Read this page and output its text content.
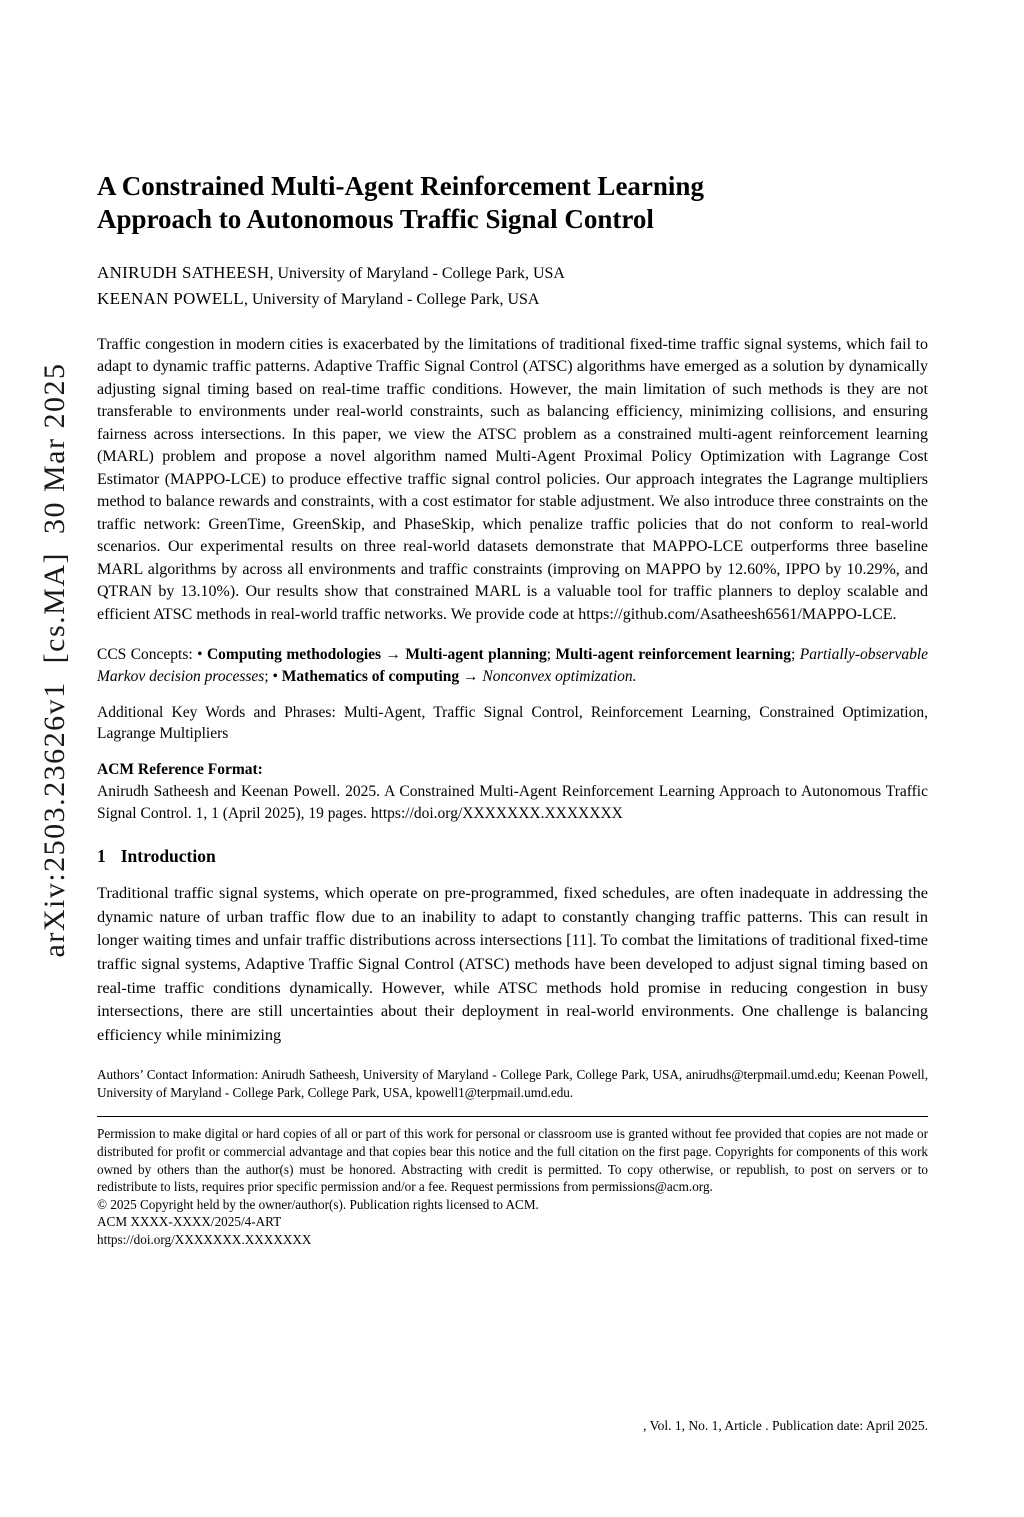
arXiv:2503.23626v1  [cs.MA]  30 Mar 2025
A Constrained Multi-Agent Reinforcement Learning Approach to Autonomous Traffic Signal Control
ANIRUDH SATHEESH, University of Maryland - College Park, USA
KEENAN POWELL, University of Maryland - College Park, USA

Traffic congestion in modern cities is exacerbated by the limitations of traditional fixed-time traffic signal systems, which fail to adapt to dynamic traffic patterns. Adaptive Traffic Signal Control (ATSC) algorithms have emerged as a solution by dynamically adjusting signal timing based on real-time traffic conditions. However, the main limitation of such methods is they are not transferable to environments under real-world constraints, such as balancing efficiency, minimizing collisions, and ensuring fairness across intersections. In this paper, we view the ATSC problem as a constrained multi-agent reinforcement learning (MARL) problem and propose a novel algorithm named Multi-Agent Proximal Policy Optimization with Lagrange Cost Estimator (MAPPO-LCE) to produce effective traffic signal control policies. Our approach integrates the Lagrange multipliers method to balance rewards and constraints, with a cost estimator for stable adjustment. We also introduce three constraints on the traffic network: GreenTime, GreenSkip, and PhaseSkip, which penalize traffic policies that do not conform to real-world scenarios. Our experimental results on three real-world datasets demonstrate that MAPPO-LCE outperforms three baseline MARL algorithms by across all environments and traffic constraints (improving on MAPPO by 12.60%, IPPO by 10.29%, and QTRAN by 13.10%). Our results show that constrained MARL is a valuable tool for traffic planners to deploy scalable and efficient ATSC methods in real-world traffic networks. We provide code at https://github.com/Asatheesh6561/MAPPO-LCE.

CCS Concepts: • Computing methodologies → Multi-agent planning; Multi-agent reinforcement learning; Partially-observable Markov decision processes; • Mathematics of computing → Nonconvex optimization.

Additional Key Words and Phrases: Multi-Agent, Traffic Signal Control, Reinforcement Learning, Constrained Optimization, Lagrange Multipliers

ACM Reference Format:

Anirudh Satheesh and Keenan Powell. 2025. A Constrained Multi-Agent Reinforcement Learning Approach to Autonomous Traffic Signal Control. 1, 1 (April 2025), 19 pages. https://doi.org/XXXXXXX.XXXXXXX

1 Introduction

Traditional traffic signal systems, which operate on pre-programmed, fixed schedules, are often inadequate in addressing the dynamic nature of urban traffic flow due to an inability to adapt to constantly changing traffic patterns. This can result in longer waiting times and unfair traffic distributions across intersections [11]. To combat the limitations of traditional fixed-time traffic signal systems, Adaptive Traffic Signal Control (ATSC) methods have been developed to adjust signal timing based on real-time traffic conditions dynamically. However, while ATSC methods hold promise in reducing congestion in busy intersections, there are still uncertainties about their deployment in real-world environments. One challenge is balancing efficiency while minimizing

Authors’ Contact Information: Anirudh Satheesh, University of Maryland - College Park, College Park, USA, anirudhs@terpmail.umd.edu; Keenan Powell, University of Maryland - College Park, College Park, USA, kpowell1@terpmail.umd.edu.

Permission to make digital or hard copies of all or part of this work for personal or classroom use is granted without fee provided that copies are not made or distributed for profit or commercial advantage and that copies bear this notice and the full citation on the first page. Copyrights for components of this work owned by others than the author(s) must be honored. Abstracting with credit is permitted. To copy otherwise, or republish, to post on servers or to redistribute to lists, requires prior specific permission and/or a fee. Request permissions from permissions@acm.org.

© 2025 Copyright held by the owner/author(s). Publication rights licensed to ACM.
ACM XXXX-XXXX/2025/4-ART
https://doi.org/XXXXXXX.XXXXXXX
, Vol. 1, No. 1, Article . Publication date: April 2025.
